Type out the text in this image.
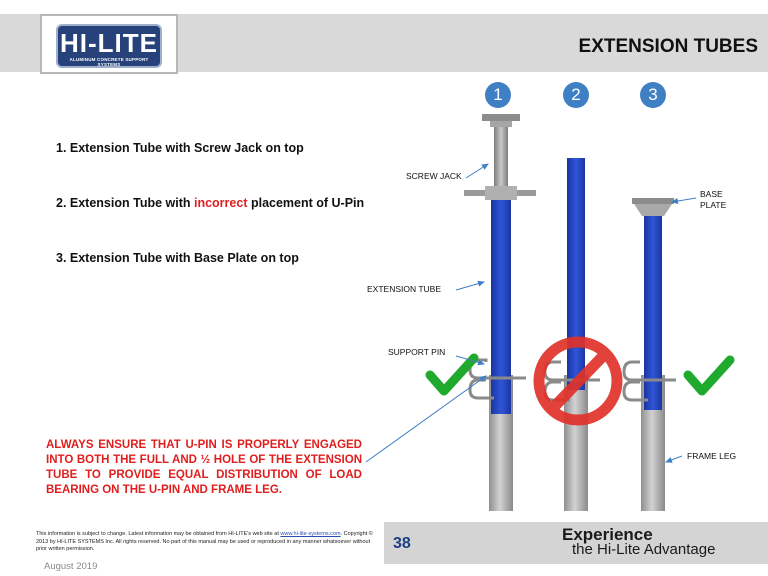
HI-LITE
ALUMINUM CONCRETE SUPPORT SYSTEMS
EXTENSION TUBES
1	2	3
1. Extension Tube with Screw Jack on top
2. Extension Tube with incorrect placement of U-Pin
3. Extension Tube with Base Plate on top
SCREW JACK
BASE
PLATE
EXTENSION TUBE
SUPPORT PIN
FRAME LEG
ALWAYS ENSURE THAT U-PIN IS PROPERLY ENGAGED INTO BOTH THE FULL AND ½ HOLE OF THE EXTENSION TUBE TO PROVIDE EQUAL DISTRIBUTION OF LOAD BEARING ON THE U-PIN AND FRAME LEG.
This information is subject to change. Latest information may be obtained from HI-LITE's web site at www.hi-lite-systems.com. Copyright © 2013 by HI-LITE SYSTEMS Inc. All rights reserved. No part of this manual may be used or reproduced in any manner whatsoever without prior written permission.	38	Experience
the Hi-Lite Advantage
August 2019
